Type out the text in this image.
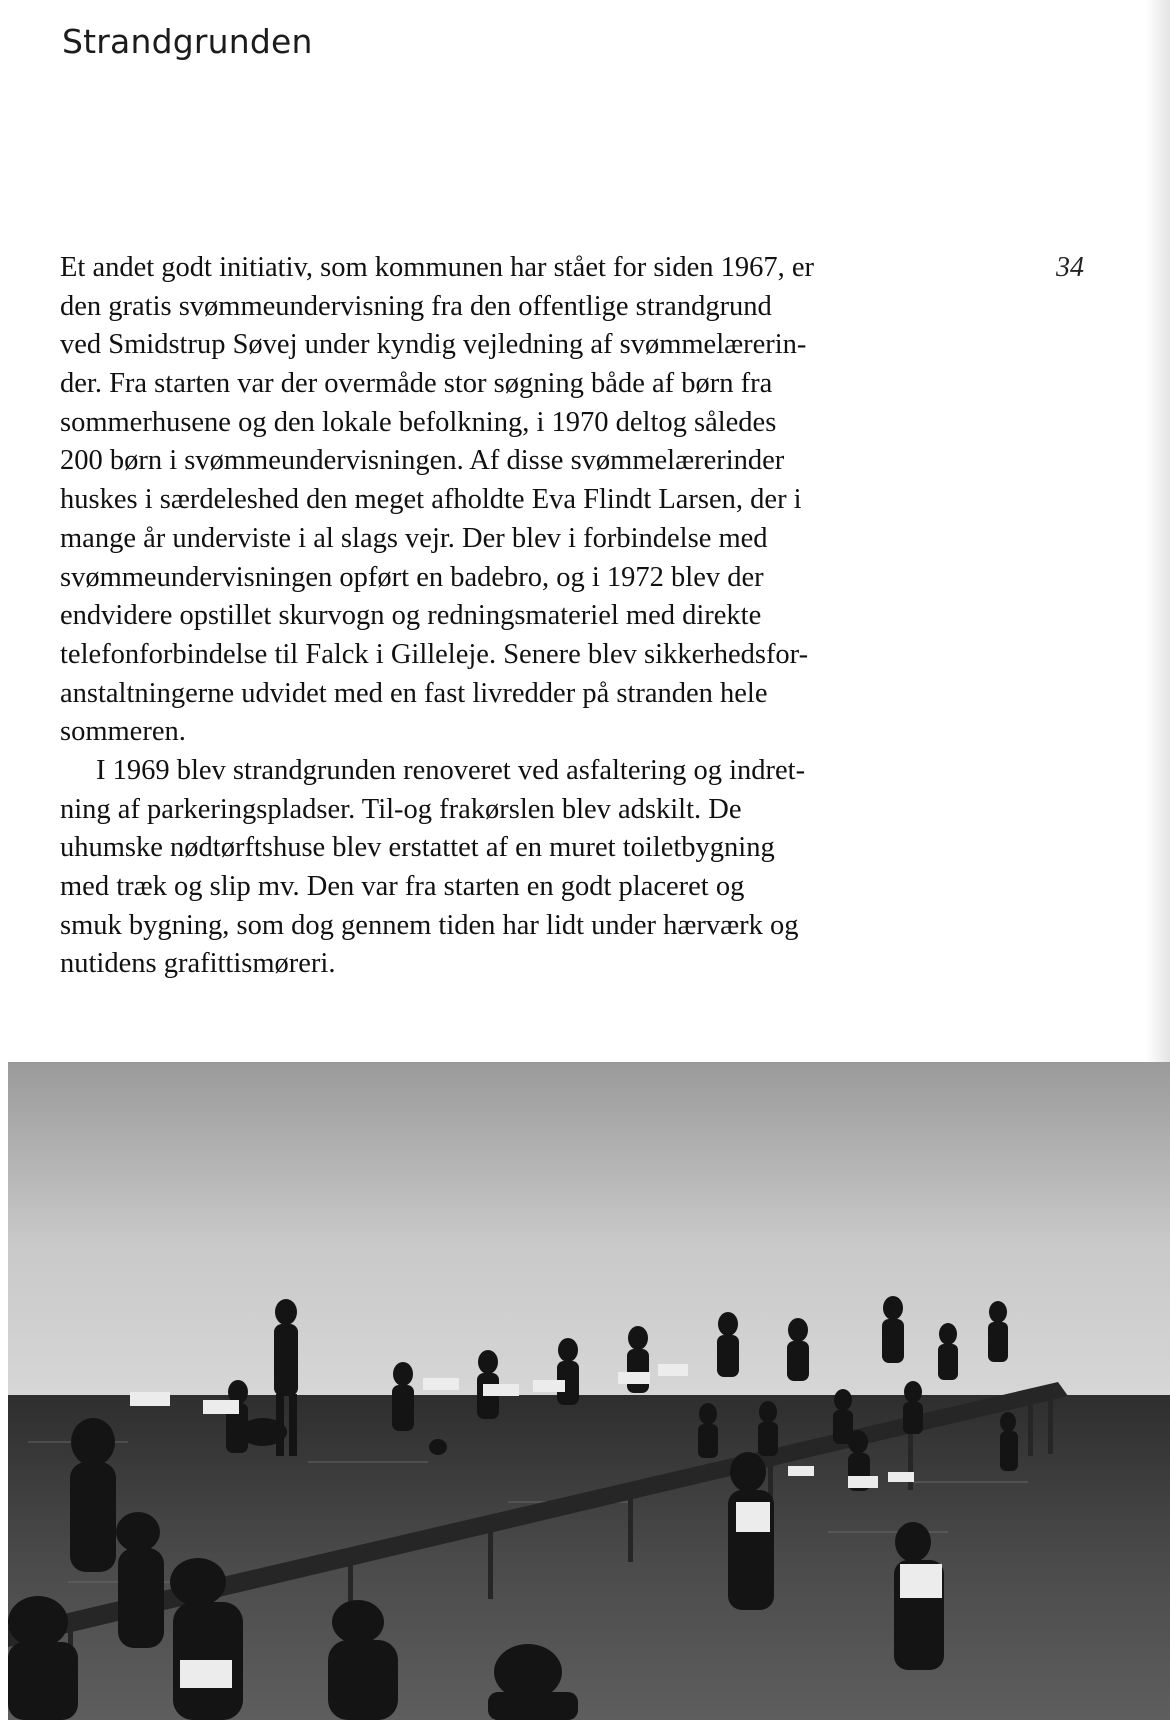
Strandgrunden
34

Et andet godt initiativ, som kommunen har stået for siden 1967, er
den gratis svømmeundervisning fra den offentlige strandgrund
ved Smidstrup Søvej under kyndig vejledning af svømmelærerin-
der. Fra starten var der overmåde stor søgning både af børn fra
sommerhusene og den lokale befolkning, i 1970 deltog således
200 børn i svømmeundervisningen. Af disse svømmelærerinder
huskes i særdeleshed den meget afholdte Eva Flindt Larsen, der i
mange år underviste i al slags vejr. Der blev i forbindelse med
svømmeundervisningen opført en badebro, og i 1972 blev der
endvidere opstillet skurvogn og redningsmateriel med direkte
telefonforbindelse til Falck i Gilleleje. Senere blev sikkerhedsfor-
anstaltningerne udvidet med en fast livredder på stranden hele
sommeren.

I 1969 blev strandgrunden renoveret ved asfaltering og indret-
ning af parkeringspladser. Til-og frakørslen blev adskilt. De
uhumske nødtørftshuse blev erstattet af en muret toiletbygning
med træk og slip mv. Den var fra starten en godt placeret og
smuk bygning, som dog gennem tiden har lidt under hærværk og
nutidens grafittismøreri.
